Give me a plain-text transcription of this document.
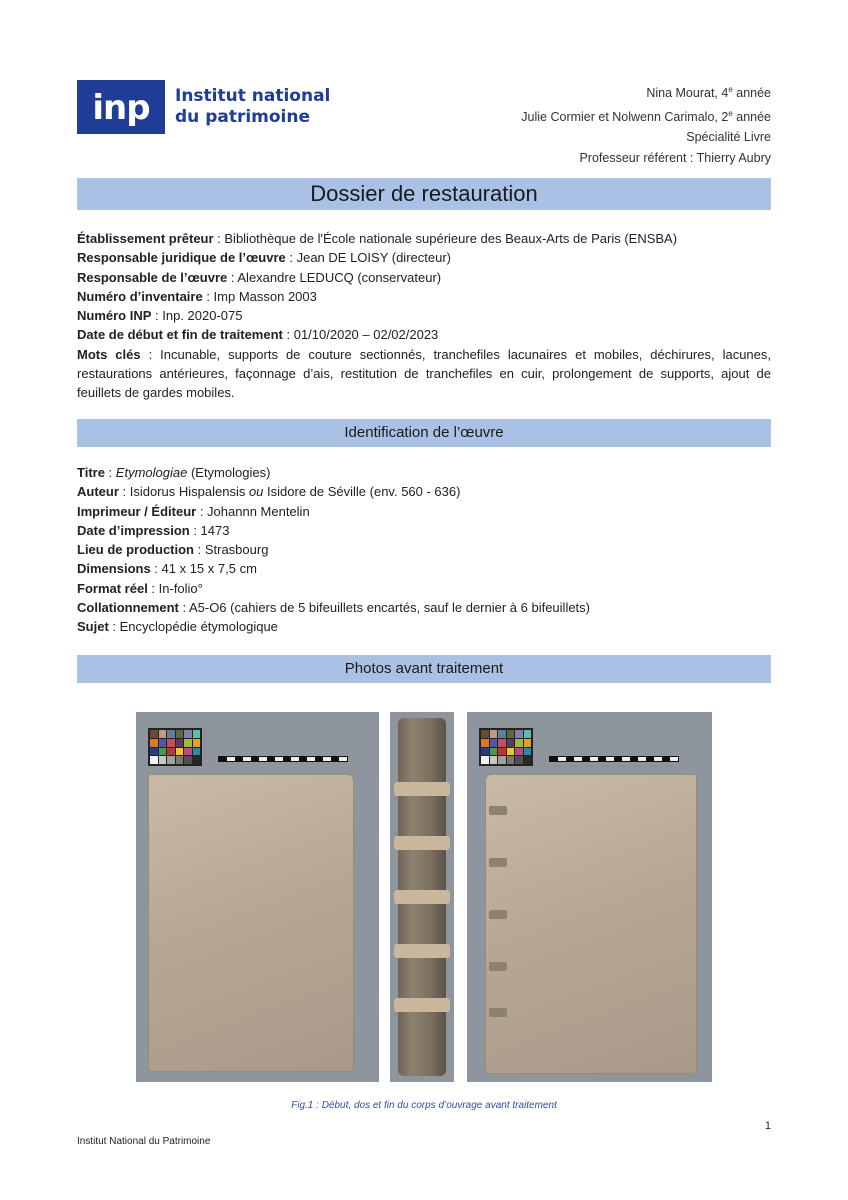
inp	Institut national
du patrimoine
Nina Mourat, 4e année
Julie Cormier et Nolwenn Carimalo, 2e année
Spécialité Livre
Professeur référent : Thierry Aubry
Dossier de restauration
Établissement prêteur : Bibliothèque de l'École nationale supérieure des Beaux-Arts de Paris (ENSBA)
Responsable juridique de l’œuvre : Jean DE LOISY (directeur)
Responsable de l’œuvre : Alexandre LEDUCQ (conservateur)
Numéro d’inventaire : Imp Masson 2003
Numéro INP : Inp. 2020-075
Date de début et fin de traitement : 01/10/2020 – 02/02/2023
Mots clés : Incunable, supports de couture sectionnés, tranchefiles lacunaires et mobiles, déchirures, lacunes, restaurations antérieures, façonnage d’ais, restitution de tranchefiles en cuir, prolongement de supports, ajout de feuillets de gardes mobiles.
Identification de l’œuvre
Titre : Etymologiae (Etymologies)
Auteur : Isidorus Hispalensis ou Isidore de Séville (env. 560 - 636)
Imprimeur / Éditeur : Johannn Mentelin
Date d’impression : 1473
Lieu de production : Strasbourg
Dimensions : 41 x 15 x 7,5 cm
Format réel : In-folio°
Collationnement : A5-O6 (cahiers de 5 bifeuillets encartés, sauf le dernier à 6 bifeuillets)
Sujet : Encyclopédie étymologique
Photos avant traitement
Fig.1 : Début, dos et fin du corps d’ouvrage avant traitement
1
Institut National du Patrimoine
